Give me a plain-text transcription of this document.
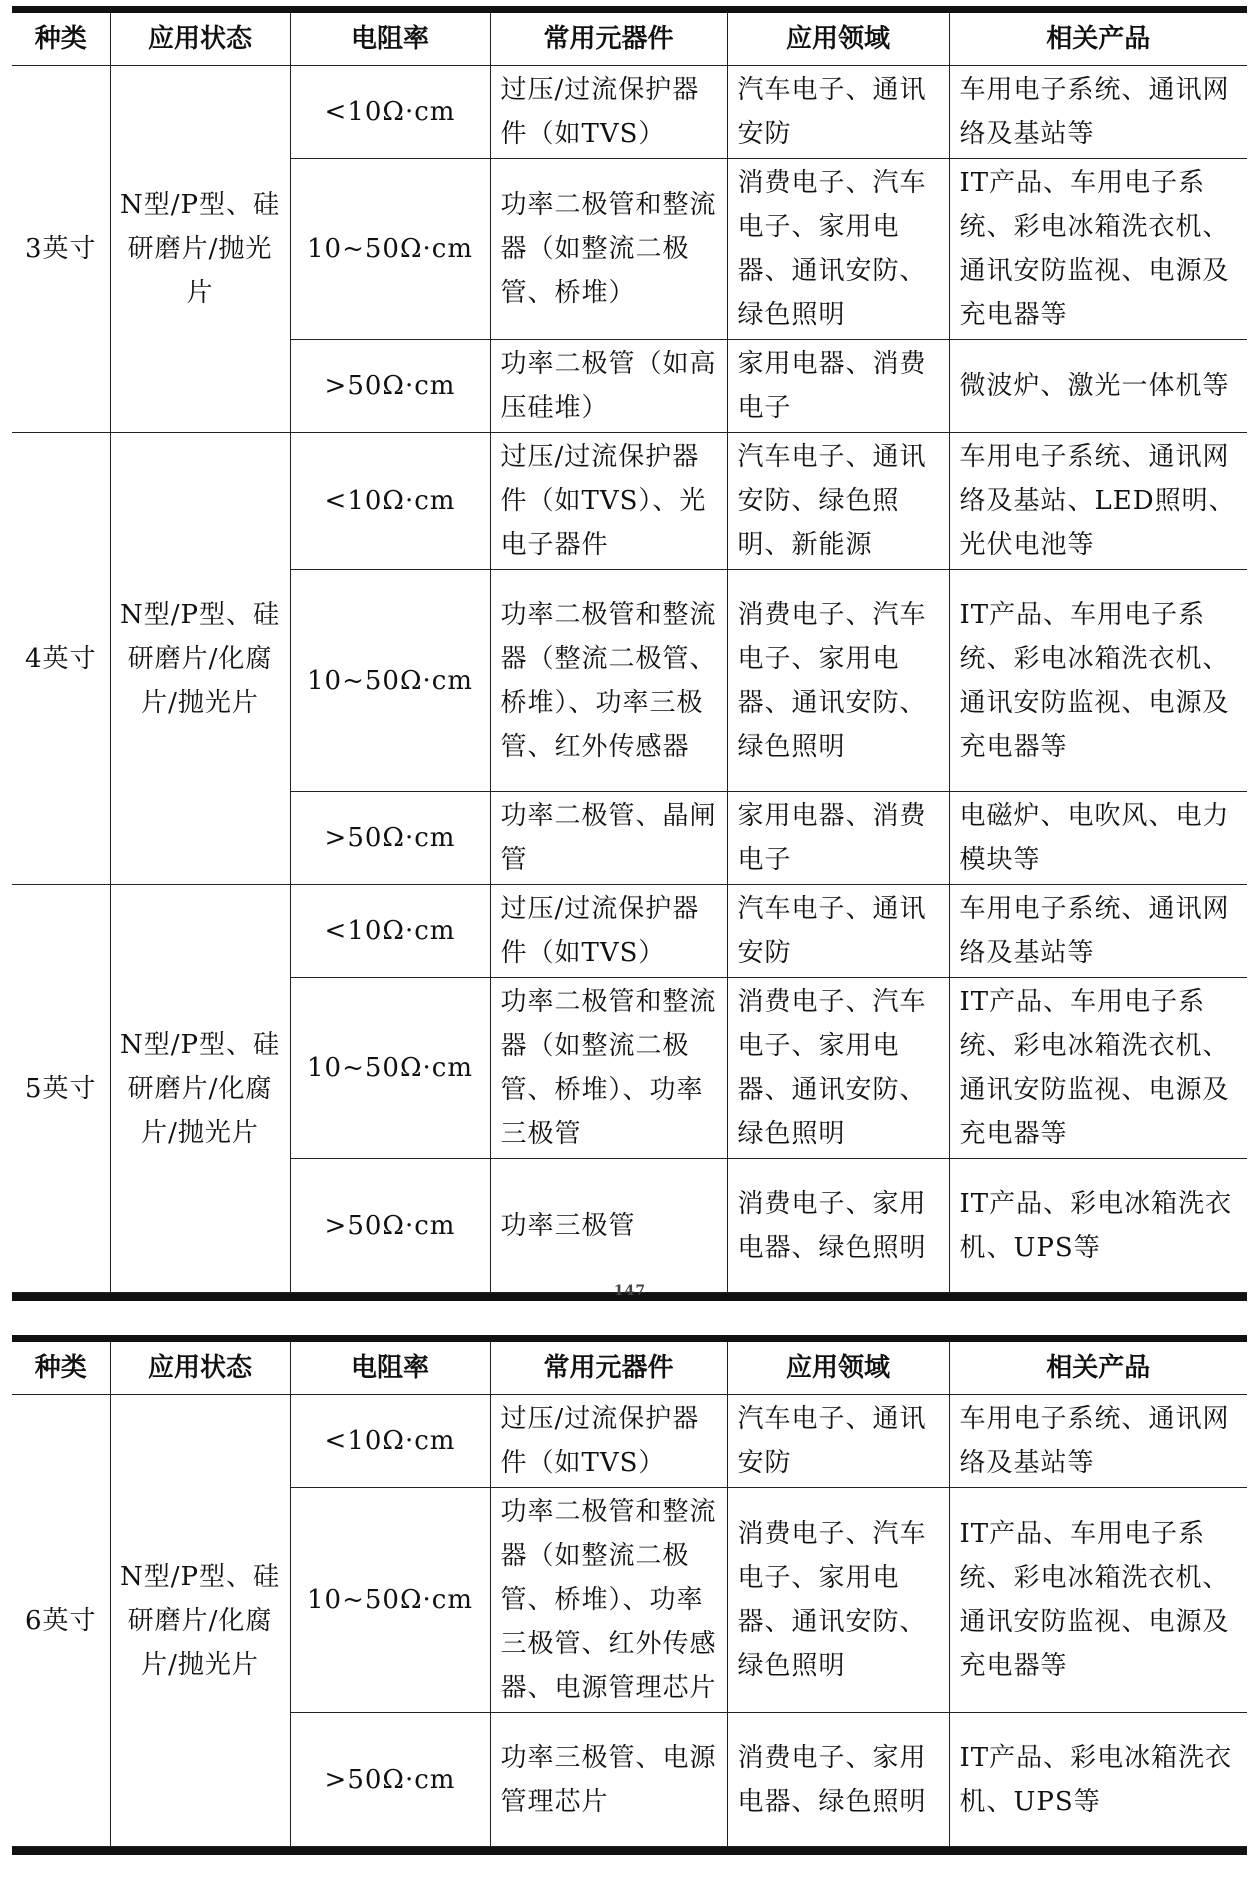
种类	应用状态	电阻率	常用元器件	应用领域	相关产品
3英寸	N型/P型、硅研磨片/抛光片	<10Ω·cm	过压/过流保护器件（如TVS）	汽车电子、通讯安防	车用电子系统、通讯网络及基站等
		10~50Ω·cm	功率二极管和整流器（如整流二极管、桥堆）	消费电子、汽车电子、家用电器、通讯安防、绿色照明	IT产品、车用电子系统、彩电冰箱洗衣机、通讯安防监视、电源及充电器等
		>50Ω·cm	功率二极管（如高压硅堆）	家用电器、消费电子	微波炉、激光一体机等
4英寸	N型/P型、硅研磨片/化腐片/抛光片	<10Ω·cm	过压/过流保护器件（如TVS）、光电子器件	汽车电子、通讯安防、绿色照明、新能源	车用电子系统、通讯网络及基站、LED照明、光伏电池等
		10~50Ω·cm	功率二极管和整流器（整流二极管、桥堆）、功率三极管、红外传感器	消费电子、汽车电子、家用电器、通讯安防、绿色照明	IT产品、车用电子系统、彩电冰箱洗衣机、通讯安防监视、电源及充电器等
		>50Ω·cm	功率二极管、晶闸管	家用电器、消费电子	电磁炉、电吹风、电力模块等
5英寸	N型/P型、硅研磨片/化腐片/抛光片	<10Ω·cm	过压/过流保护器件（如TVS）	汽车电子、通讯安防	车用电子系统、通讯网络及基站等
		10~50Ω·cm	功率二极管和整流器（如整流二极管、桥堆）、功率三极管	消费电子、汽车电子、家用电器、通讯安防、绿色照明	IT产品、车用电子系统、彩电冰箱洗衣机、通讯安防监视、电源及充电器等
		>50Ω·cm	功率三极管	消费电子、家用电器、绿色照明	IT产品、彩电冰箱洗衣机、UPS等
147
种类	应用状态	电阻率	常用元器件	应用领域	相关产品
6英寸	N型/P型、硅研磨片/化腐片/抛光片	<10Ω·cm	过压/过流保护器件（如TVS）	汽车电子、通讯安防	车用电子系统、通讯网络及基站等
		10~50Ω·cm	功率二极管和整流器（如整流二极管、桥堆）、功率三极管、红外传感器、电源管理芯片	消费电子、汽车电子、家用电器、通讯安防、绿色照明	IT产品、车用电子系统、彩电冰箱洗衣机、通讯安防监视、电源及充电器等
		>50Ω·cm	功率三极管、电源管理芯片	消费电子、家用电器、绿色照明	IT产品、彩电冰箱洗衣机、UPS等
